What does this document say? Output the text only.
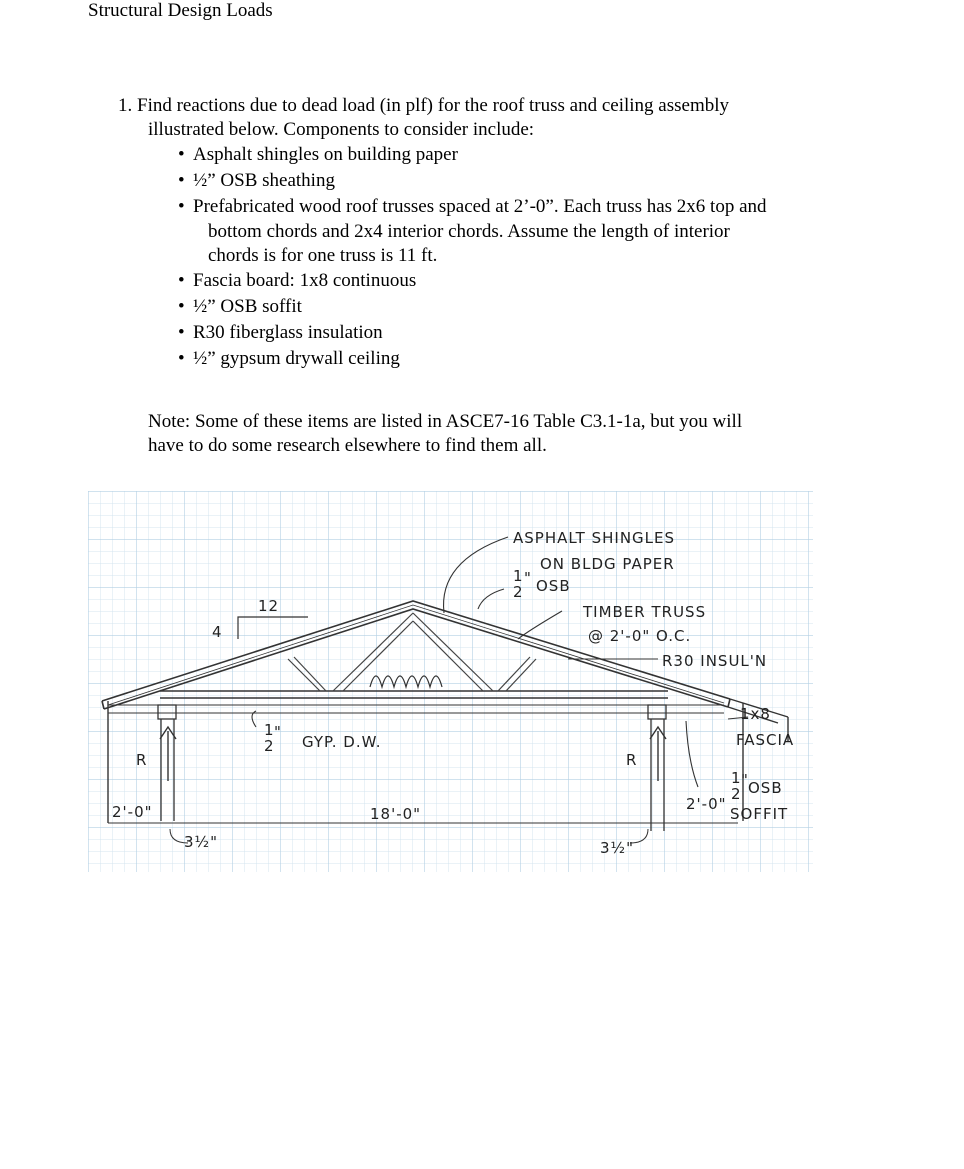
Structural Design Loads
1. Find reactions due to dead load (in plf) for the roof truss and ceiling assembly
illustrated below. Components to consider include:
• Asphalt shingles on building paper
• ½” OSB sheathing
• Prefabricated wood roof trusses spaced at 2’-0”. Each truss has 2x6 top and
bottom chords and 2x4 interior chords. Assume the length of interior
chords is for one truss is 11 ft.
• Fascia board: 1x8 continuous
• ½” OSB soffit
• R30 fiberglass insulation
• ½” gypsum drywall ceiling
Note: Some of these items are listed in ASCE7-16 Table C3.1-1a, but you will
have to do some research elsewhere to find them all.
ASPHALT SHINGLES
ON BLDG PAPER
1
2
" OSB
TIMBER TRUSS
@ 2'-0" O.C.
R30 INSUL'N
1x8
FASCIA
1
2
" OSB
SOFFIT
1
2
"
GYP. D.W.
12
4
R	R
2'-0"	18'-0"
2'-0"
3½"	3½"
